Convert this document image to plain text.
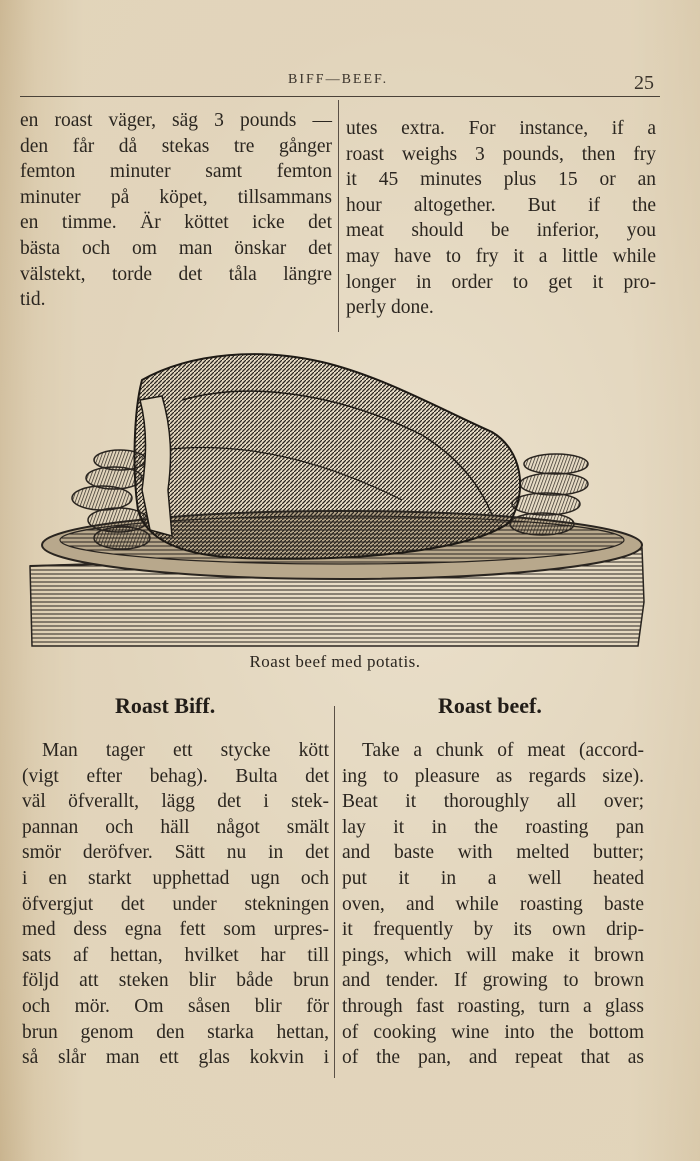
BIFF—BEEF.	25
en roast väger, säg 3 pounds —
den får då stekas tre gånger
femton minuter samt femton
minuter på köpet, tillsammans
en timme. Är köttet icke det
bästa och om man önskar det
välstekt, torde det tåla längre
tid.
utes extra. For instance, if a
roast weighs 3 pounds, then fry
it 45 minutes plus 15 or an
hour altogether. But if the
meat should be inferior, you
may have to fry it a little while
longer in order to get it pro-
perly done.
Roast beef med potatis.
Roast Biff.	Roast beef.
Man tager ett stycke kött
(vigt efter behag). Bulta det
väl öfverallt, lägg det i stek-
pannan och häll något smält
smör deröfver. Sätt nu in det
i en starkt upphettad ugn och
öfvergjut det under stekningen
med dess egna fett som urpres-
sats af hettan, hvilket har till
följd att steken blir både brun
och mör. Om såsen blir för
brun genom den starka hettan,
så slår man ett glas kokvin i
Take a chunk of meat (accord-
ing to pleasure as regards size).
Beat it thoroughly all over;
lay it in the roasting pan
and baste with melted butter;
put it in a well heated
oven, and while roasting baste
it frequently by its own drip-
pings, which will make it brown
and tender. If growing to brown
through fast roasting, turn a glass
of cooking wine into the bottom
of the pan, and repeat that as
